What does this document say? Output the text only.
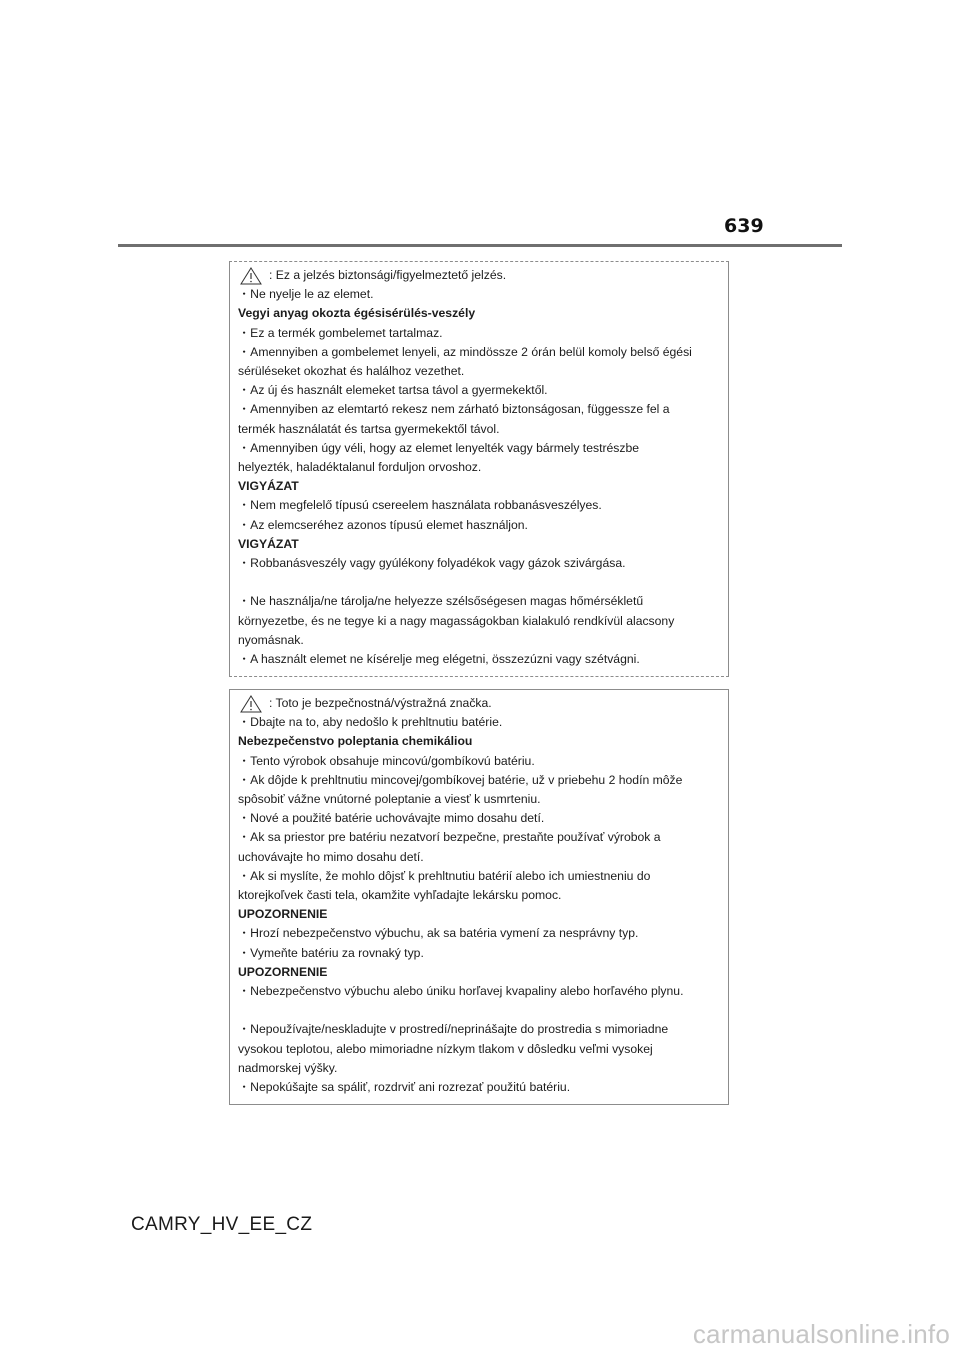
639
: Ez a jelzés biztonsági/figyelmeztető jelzés.
・Ne nyelje le az elemet.
Vegyi anyag okozta égésisérülés-veszély
・Ez a termék gombelemet tartalmaz.
・Amennyiben a gombelemet lenyeli, az mindössze 2 órán belül komoly belső égési
sérüléseket okozhat és halálhoz vezethet.
・Az új és használt elemeket tartsa távol a gyermekektől.
・Amennyiben az elemtartó rekesz nem zárható biztonságosan, függessze fel a
termék használatát és tartsa gyermekektől távol.
・Amennyiben úgy véli, hogy az elemet lenyelték vagy bármely testrészbe
helyezték, haladéktalanul forduljon orvoshoz.
VIGYÁZAT
・Nem megfelelő típusú csereelem használata robbanásveszélyes.
・Az elemcseréhez azonos típusú elemet használjon.
VIGYÁZAT
・Robbanásveszély vagy gyúlékony folyadékok vagy gázok szivárgása.
・Ne használja/ne tárolja/ne helyezze szélsőségesen magas hőmérsékletű
környezetbe, és ne tegye ki a nagy magasságokban kialakuló rendkívül alacsony
nyomásnak.
・A használt elemet ne kísérelje meg elégetni, összezúzni vagy szétvágni.
: Toto je bezpečnostná/výstražná značka.
・Dbajte na to, aby nedošlo k prehltnutiu batérie.
Nebezpečenstvo poleptania chemikáliou
・Tento výrobok obsahuje mincovú/gombíkovú batériu.
・Ak dôjde k prehltnutiu mincovej/gombíkovej batérie, už v priebehu 2 hodín môže
spôsobiť vážne vnútorné poleptanie a viesť k usmrteniu.
・Nové a použité batérie uchovávajte mimo dosahu detí.
・Ak sa priestor pre batériu nezatvorí bezpečne, prestaňte používať výrobok a
uchovávajte ho mimo dosahu detí.
・Ak si myslíte, že mohlo dôjsť k prehltnutiu batérií alebo ich umiestneniu do
ktorejkoľvek časti tela, okamžite vyhľadajte lekársku pomoc.
UPOZORNENIE
・Hrozí nebezpečenstvo výbuchu, ak sa batéria vymení za nesprávny typ.
・Vymeňte batériu za rovnaký typ.
UPOZORNENIE
・Nebezpečenstvo výbuchu alebo úniku horľavej kvapaliny alebo horľavého plynu.
・Nepoužívajte/neskladujte v prostredí/neprinášajte do prostredia s mimoriadne
vysokou teplotou, alebo mimoriadne nízkym tlakom v dôsledku veľmi vysokej
nadmorskej výšky.
・Nepokúšajte sa spáliť, rozdrviť ani rozrezať použitú batériu.
CAMRY_HV_EE_CZ
carmanualsonline.info
